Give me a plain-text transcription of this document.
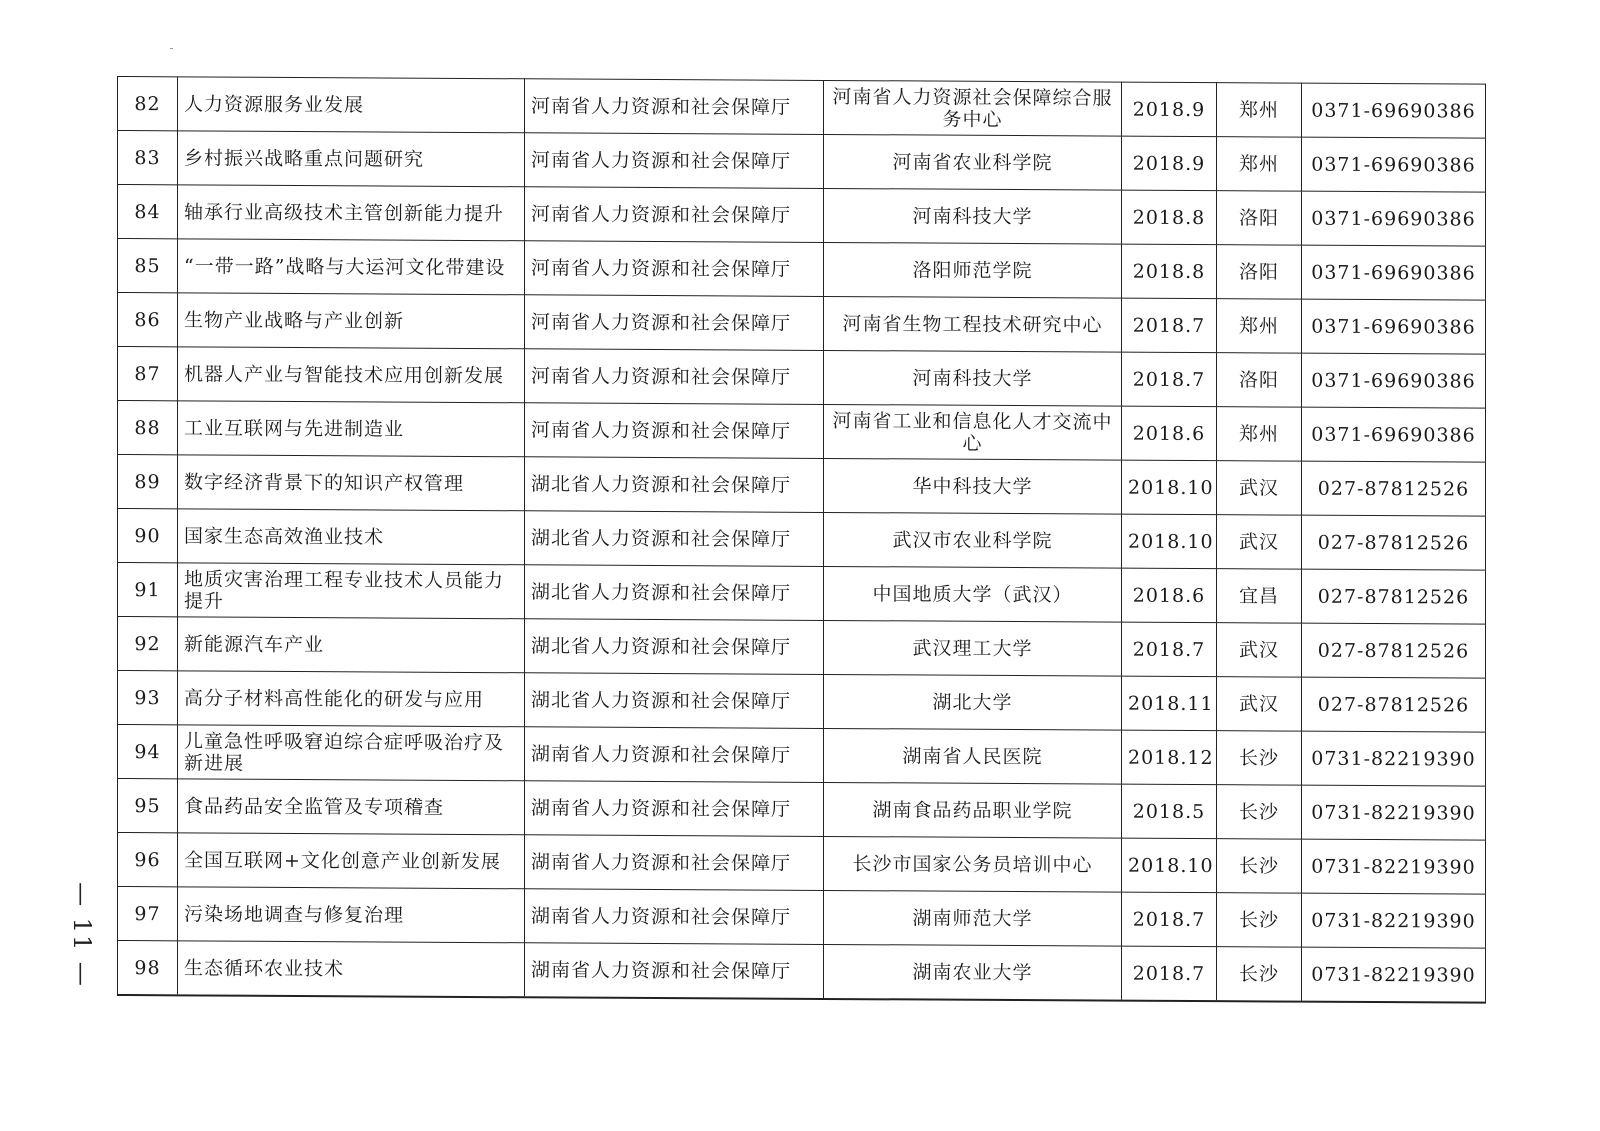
82	人力资源服务业发展	河南省人力资源和社会保障厅	河南省人力资源社会保障综合服务中心	2018.9	郑州	0371-69690386
83	乡村振兴战略重点问题研究	河南省人力资源和社会保障厅	河南省农业科学院	2018.9	郑州	0371-69690386
84	轴承行业高级技术主管创新能力提升	河南省人力资源和社会保障厅	河南科技大学	2018.8	洛阳	0371-69690386
85	“一带一路”战略与大运河文化带建设	河南省人力资源和社会保障厅	洛阳师范学院	2018.8	洛阳	0371-69690386
86	生物产业战略与产业创新	河南省人力资源和社会保障厅	河南省生物工程技术研究中心	2018.7	郑州	0371-69690386
87	机器人产业与智能技术应用创新发展	河南省人力资源和社会保障厅	河南科技大学	2018.7	洛阳	0371-69690386
88	工业互联网与先进制造业	河南省人力资源和社会保障厅	河南省工业和信息化人才交流中心	2018.6	郑州	0371-69690386
89	数字经济背景下的知识产权管理	湖北省人力资源和社会保障厅	华中科技大学	2018.10	武汉	027-87812526
90	国家生态高效渔业技术	湖北省人力资源和社会保障厅	武汉市农业科学院	2018.10	武汉	027-87812526
91	地质灾害治理工程专业技术人员能力提升	湖北省人力资源和社会保障厅	中国地质大学（武汉）	2018.6	宜昌	027-87812526
92	新能源汽车产业	湖北省人力资源和社会保障厅	武汉理工大学	2018.7	武汉	027-87812526
93	高分子材料高性能化的研发与应用	湖北省人力资源和社会保障厅	湖北大学	2018.11	武汉	027-87812526
94	儿童急性呼吸窘迫综合症呼吸治疗及新进展	湖南省人力资源和社会保障厅	湖南省人民医院	2018.12	长沙	0731-82219390
95	食品药品安全监管及专项稽查	湖南省人力资源和社会保障厅	湖南食品药品职业学院	2018.5	长沙	0731-82219390
96	全国互联网+文化创意产业创新发展	湖南省人力资源和社会保障厅	长沙市国家公务员培训中心	2018.10	长沙	0731-82219390
97	污染场地调查与修复治理	湖南省人力资源和社会保障厅	湖南师范大学	2018.7	长沙	0731-82219390
98	生态循环农业技术	湖南省人力资源和社会保障厅	湖南农业大学	2018.7	长沙	0731-82219390
— 11 —
